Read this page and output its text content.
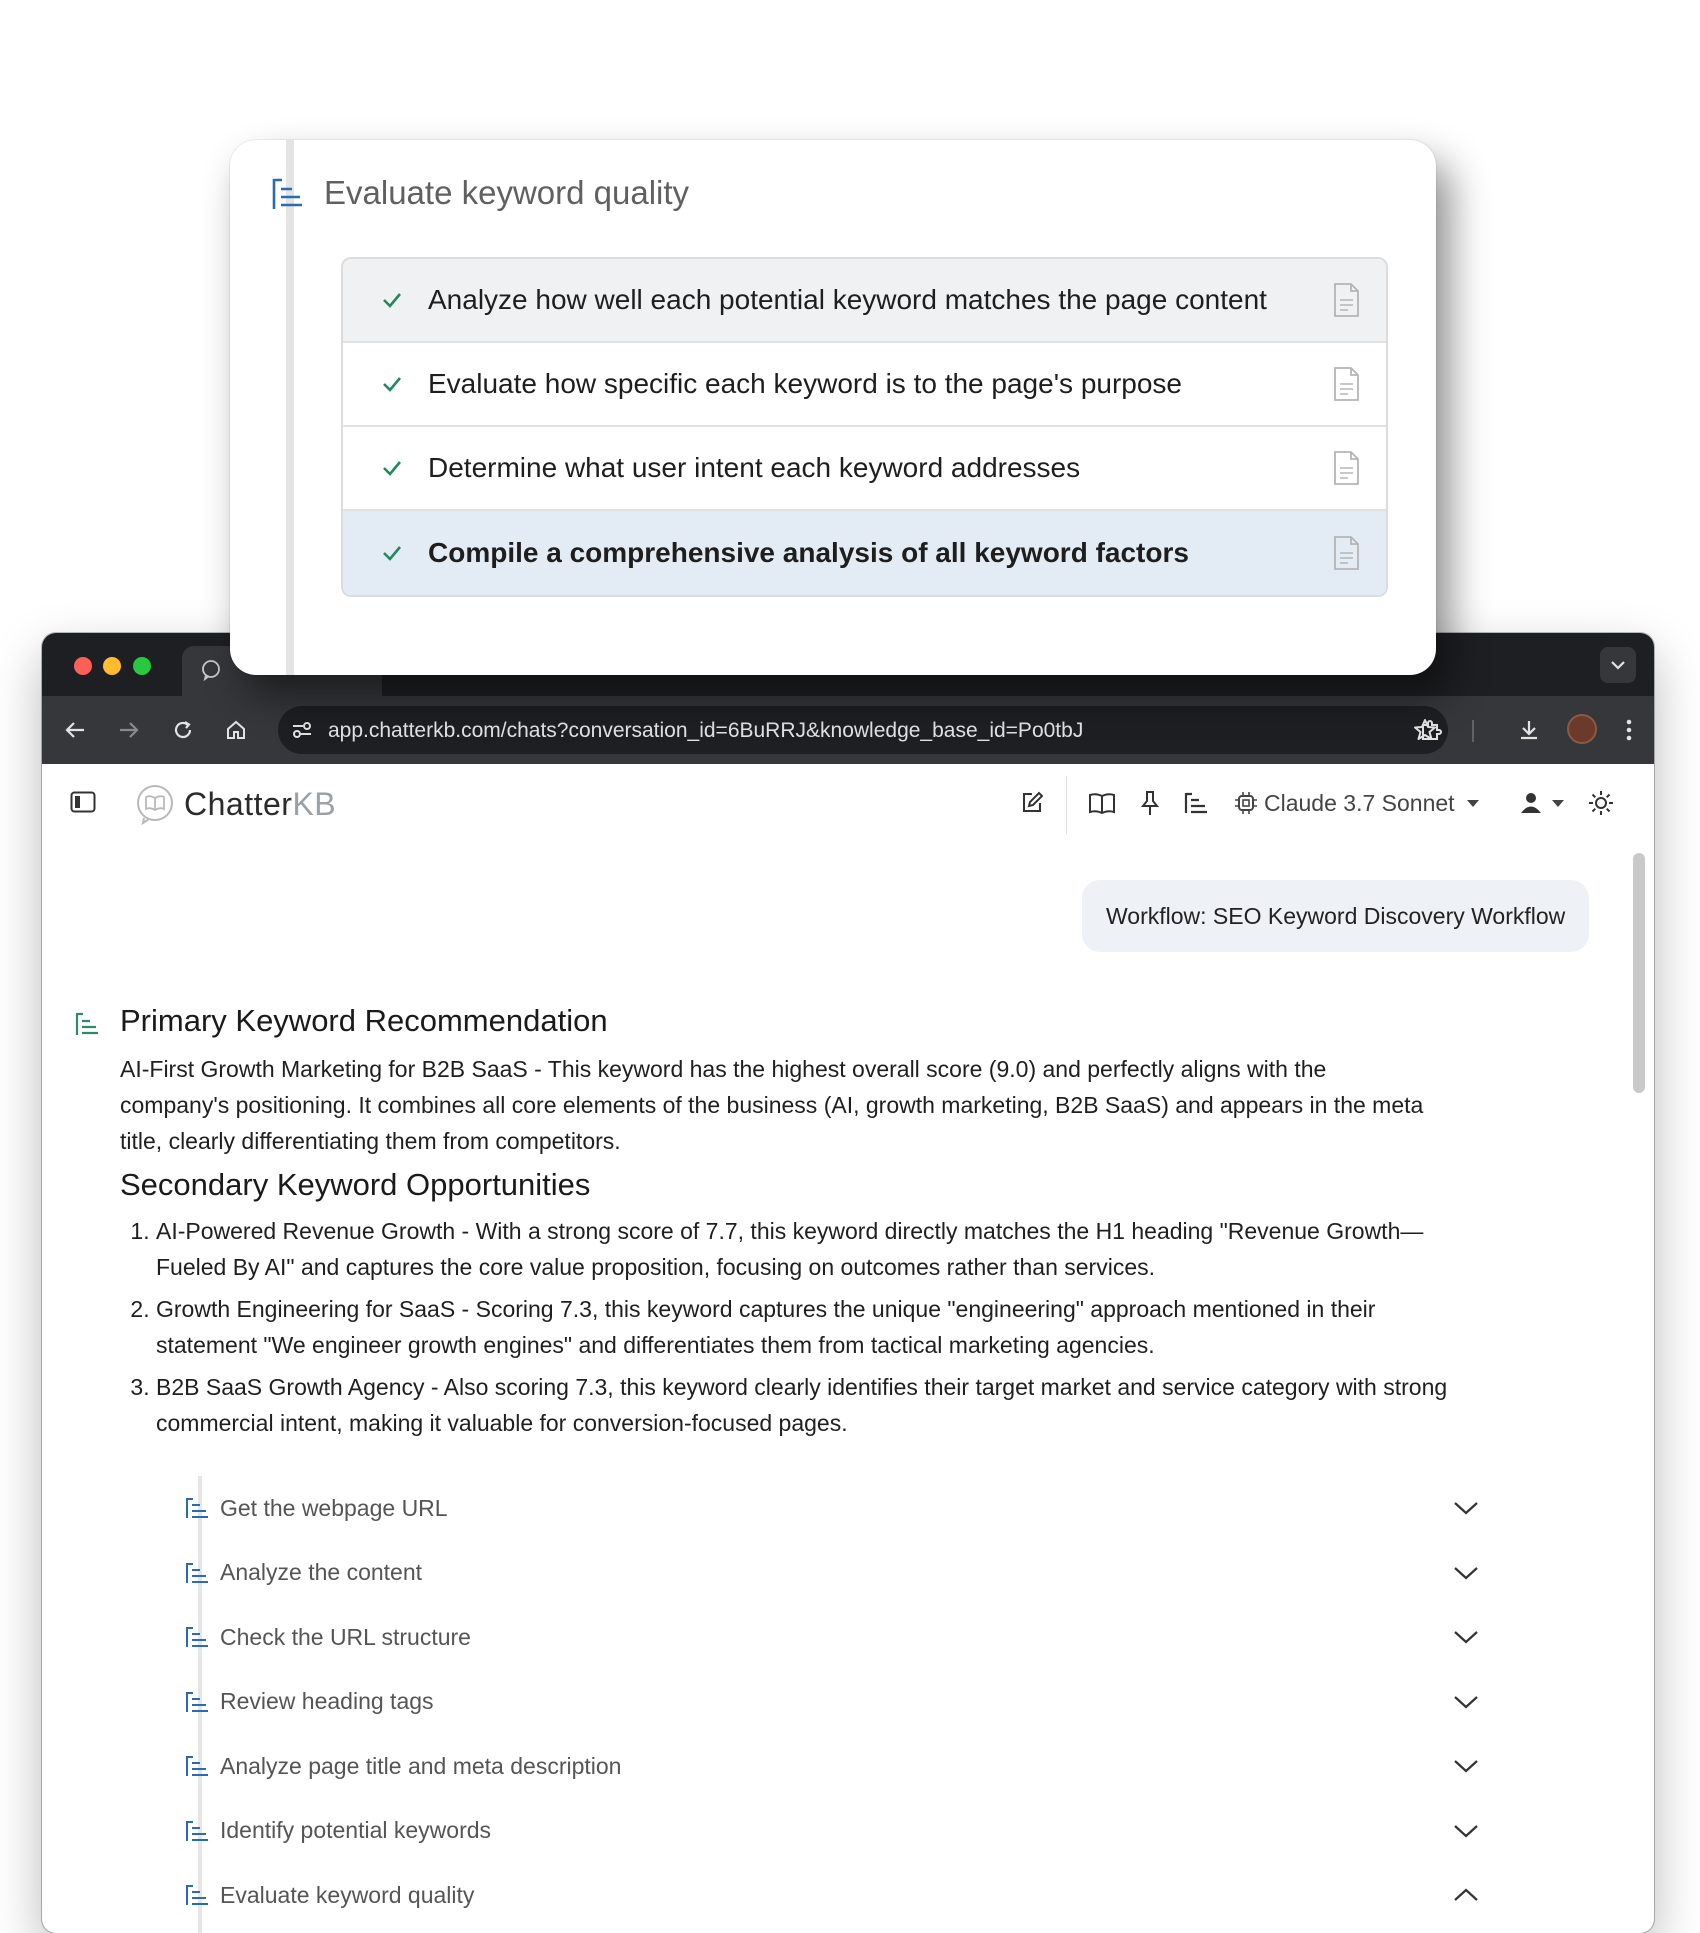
app.chatterkb.com/chats?conversation_id=6BuRRJ&knowledge_base_id=Po0tbJ
ChatterKB	Claude 3.7 Sonnet
Workflow: SEO Keyword Discovery Workflow
Primary Keyword Recommendation

AI-First Growth Marketing for B2B SaaS - This keyword has the highest overall score (9.0) and perfectly aligns with the company's positioning. It combines all core elements of the business (AI, growth marketing, B2B SaaS) and appears in the meta title, clearly differentiating them from competitors.

Secondary Keyword Opportunities
1. AI-Powered Revenue Growth - With a strong score of 7.7, this keyword directly matches the H1 heading "Revenue Growth—Fueled By AI" and captures the core value proposition, focusing on outcomes rather than services.
2. Growth Engineering for SaaS - Scoring 7.3, this keyword captures the unique "engineering" approach mentioned in their statement "We engineer growth engines" and differentiates them from tactical marketing agencies.
3. B2B SaaS Growth Agency - Also scoring 7.3, this keyword clearly identifies their target market and service category with strong commercial intent, making it valuable for conversion-focused pages.
Get the webpage URL
Analyze the content
Check the URL structure
Review heading tags
Analyze page title and meta description
Identify potential keywords
Evaluate keyword quality
Evaluate keyword quality
Analyze how well each potential keyword matches the page content
Evaluate how specific each keyword is to the page's purpose
Determine what user intent each keyword addresses
Compile a comprehensive analysis of all keyword factors
